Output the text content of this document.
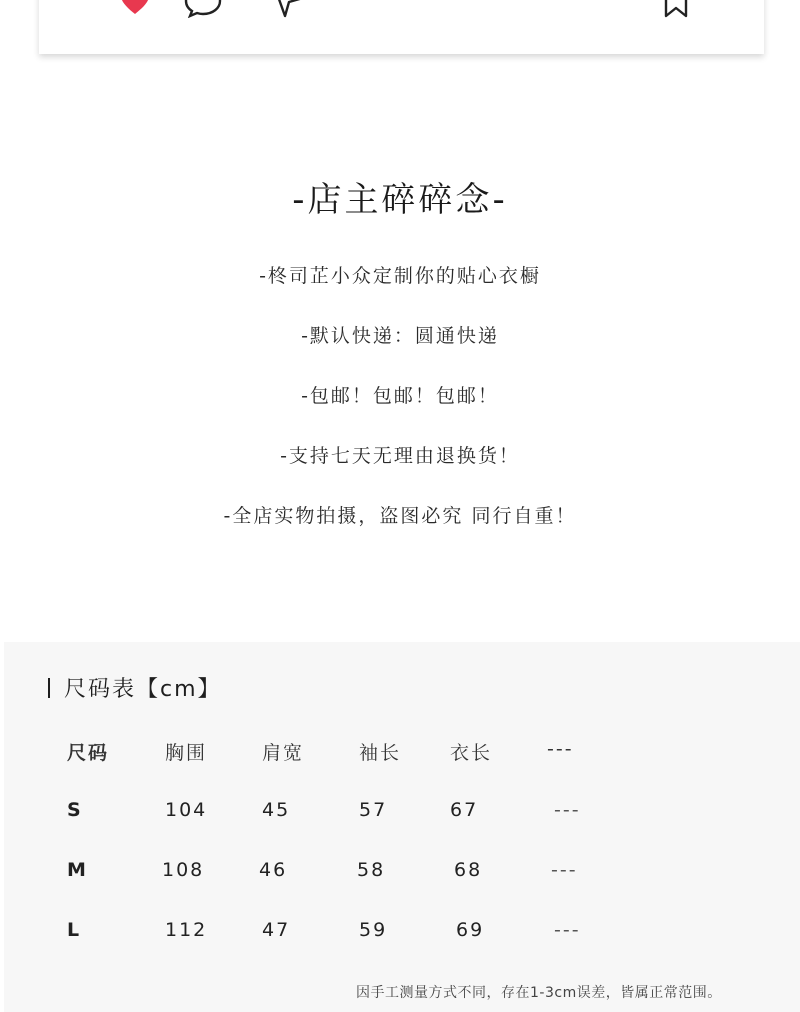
-店主碎碎念-
-柊司芷小众定制你的贴心衣橱
-默认快递：圆通快递
-包邮！包邮！包邮！
-支持七天无理由退换货！
-全店实物拍摄，盗图必究 同行自重！
尺码表【cm】
尺码	胸围	肩宽	袖长	衣长	---
S	104	45	57	67	---
M	108	46	58	68	---
L	112	47	59	69	---
因手工测量方式不同，存在1-3cm误差，皆属正常范围。
